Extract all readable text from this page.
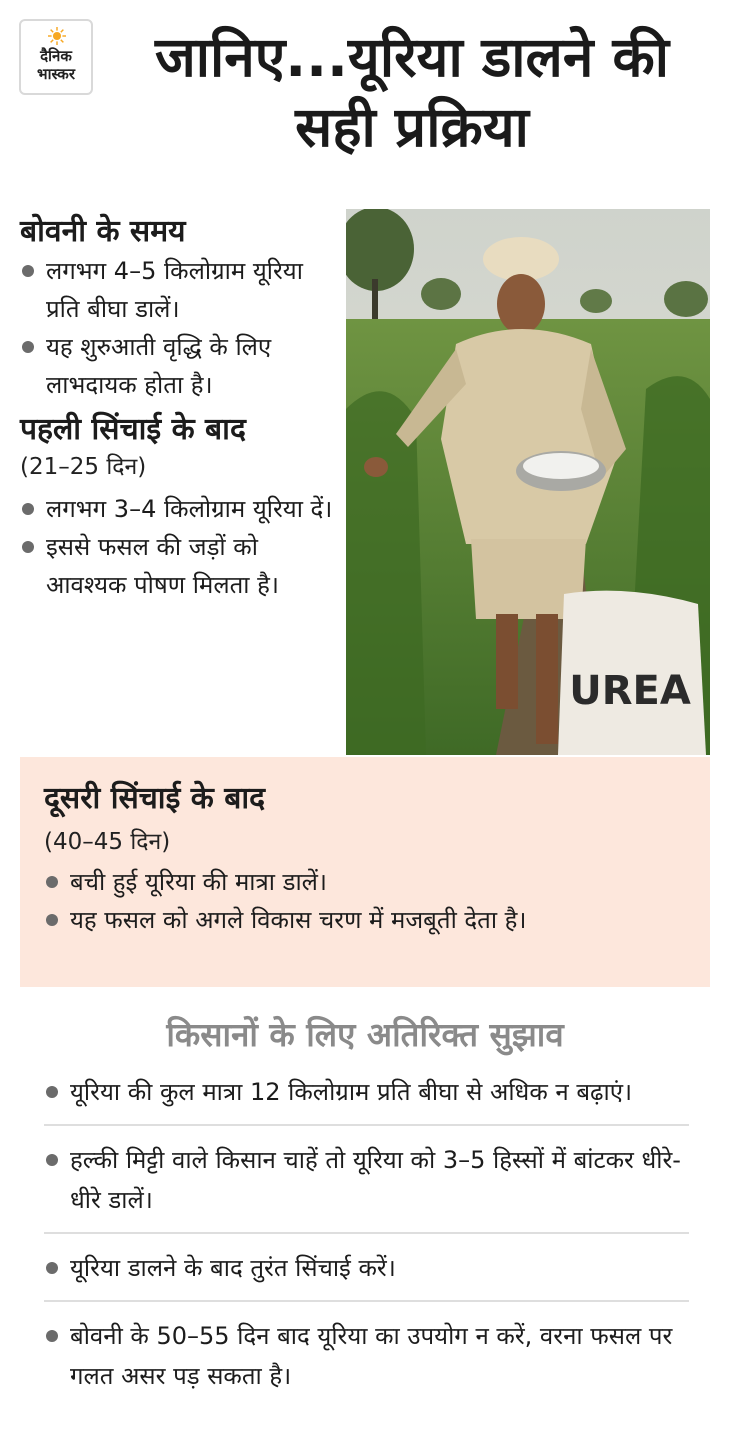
दैनिक
भास्कर	जानिए...यूरिया डालने की सही प्रक्रिया
बोवनी के समय
लगभग 4–5 किलोग्राम यूरिया प्रति बीघा डालें।
यह शुरुआती वृद्धि के लिए लाभदायक होता है।
पहली सिंचाई के बाद

(21–25 दिन)

लगभग 3–4 किलोग्राम यूरिया दें।
इससे फसल की जड़ों को आवश्यक पोषण मिलता है।
UREA
दूसरी सिंचाई के बाद

(40–45 दिन)

बची हुई यूरिया की मात्रा डालें।
यह फसल को अगले विकास चरण में मजबूती देता है।
किसानों के लिए अतिरिक्त सुझाव
यूरिया की कुल मात्रा 12 किलोग्राम प्रति बीघा से अधिक न बढ़ाएं।
हल्की मिट्टी वाले किसान चाहें तो यूरिया को 3–5 हिस्सों में बांटकर धीरे-धीरे डालें।
यूरिया डालने के बाद तुरंत सिंचाई करें।
बोवनी के 50–55 दिन बाद यूरिया का उपयोग न करें, वरना फसल पर गलत असर पड़ सकता है।
